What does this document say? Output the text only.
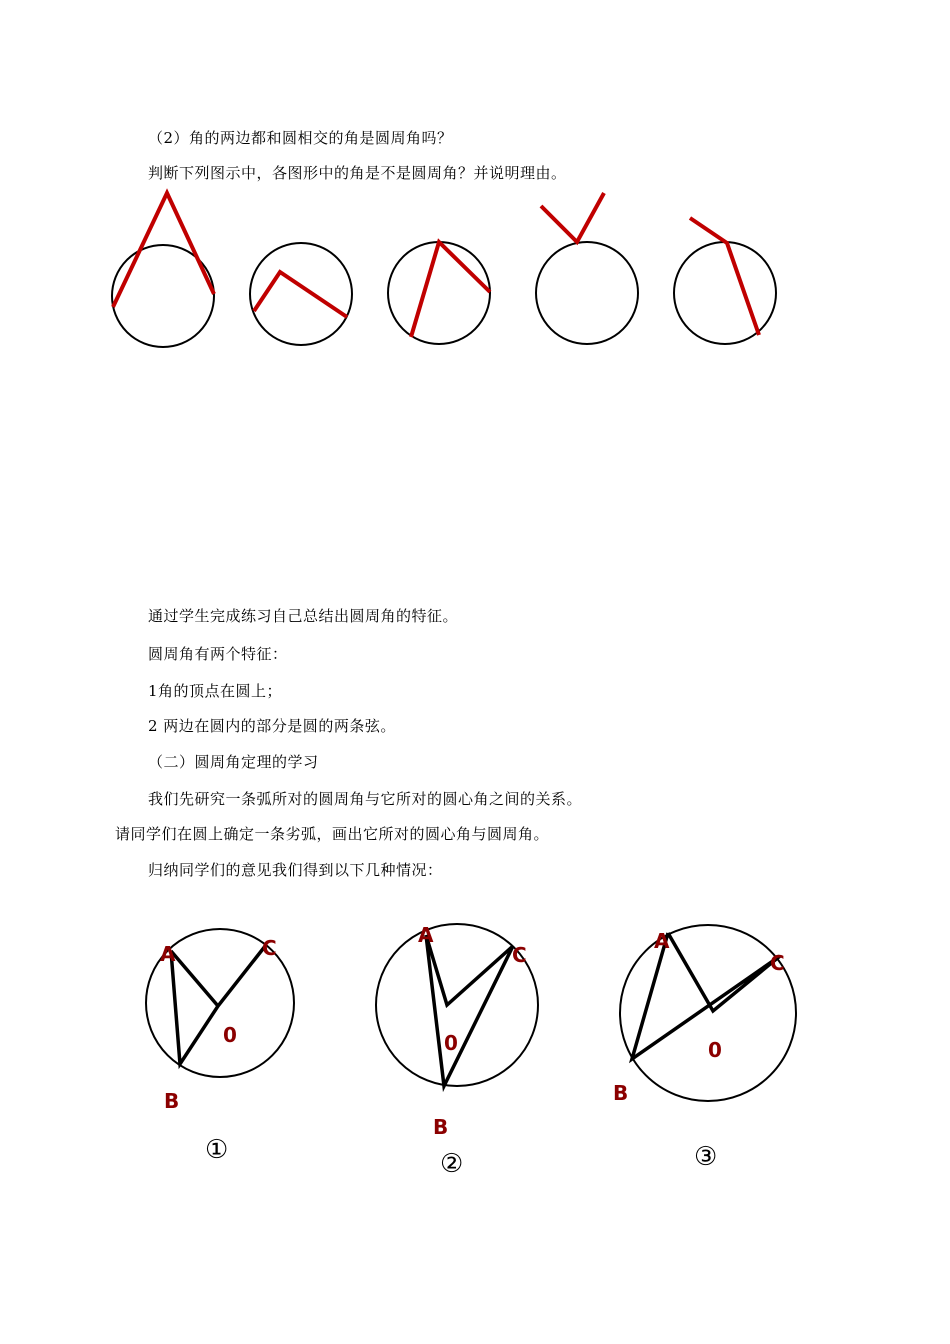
（2）角的两边都和圆相交的角是圆周角吗？
判断下列图示中，各图形中的角是不是圆周角？并说明理由。
通过学生完成练习自己总结出圆周角的特征。
圆周角有两个特征：
1角的顶点在圆上；
2 两边在圆内的部分是圆的两条弦。
（二）圆周角定理的学习
我们先研究一条弧所对的圆周角与它所对的圆心角之间的关系。
请同学们在圆上确定一条劣弧，画出它所对的圆心角与圆周角。
归纳同学们的意见我们得到以下几种情况：
A	C
0
B
①
A
C
0
B
②
A
C
0
B
③
